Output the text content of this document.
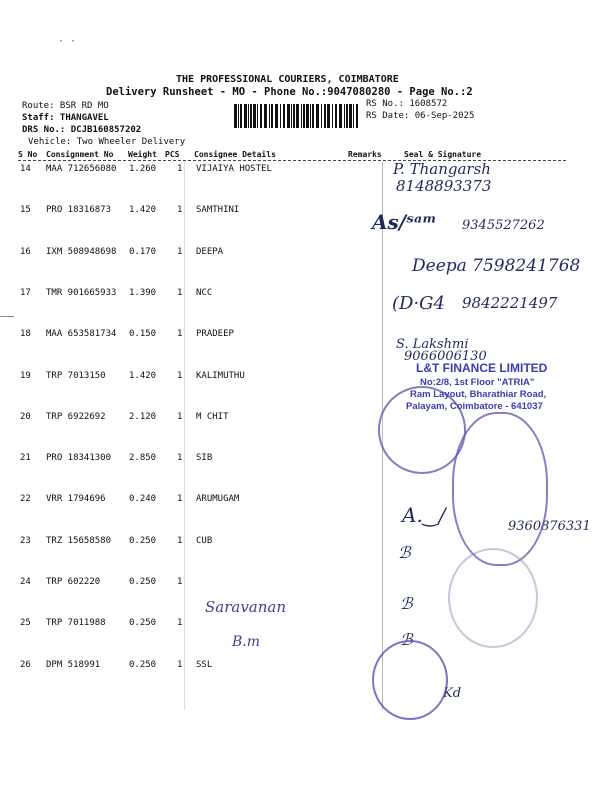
THE PROFESSIONAL COURIERS, COIMBATORE
Delivery Runsheet - MO - Phone No.:9047080280 - Page No.:2
Route: BSR RD MO
Staff: THANGAVEL
DRS No.: DCJB160857202
Vehicle: Two Wheeler Delivery
RS No.: 1608572
RS Date: 06-Sep-2025
S No Consignment No Weight PCS Consignee Details	Remarks	Seal & Signature
14 MAA 712656080 1.260 1 VIJAIYA HOSTEL
15 PRO 18316873 1.420 1 SAMTHINI
16 IXM 508948698 0.170 1 DEEPA
17 TMR 901665933 1.390 1 NCC
18 MAA 653581734 0.150 1 PRADEEP
19 TRP 7013150	1.420 1 KALIMUTHU
20 TRP 6922692	2.120 1 M CHIT
21 PRO 18341300 2.850 1 SIB
22 VRR 1794696	0.240 1 ARUMUGAM
23 TRZ 15658580 0.250 1 CUB
24 TRP 602220	0.250 1
25 TRP 7011988	0.250 1
26 DPM 518991	0.250 1 SSL
P. Thangarsh
8148893373
As/ˢᵃᵐ 9345527262
Deepa 7598241768
(D·G4 9842221497
S. Lakshmi
9066006130
A.‿/	9360876331
ℬ
ℬ
ℬ
Kd
Saravanan
B.m
L&T FINANCE LIMITED
No:2/8, 1st Floor "ATRIA"
Ram Layout, Bharathiar Road,
Palayam, Coimbatore - 641037
· ·
